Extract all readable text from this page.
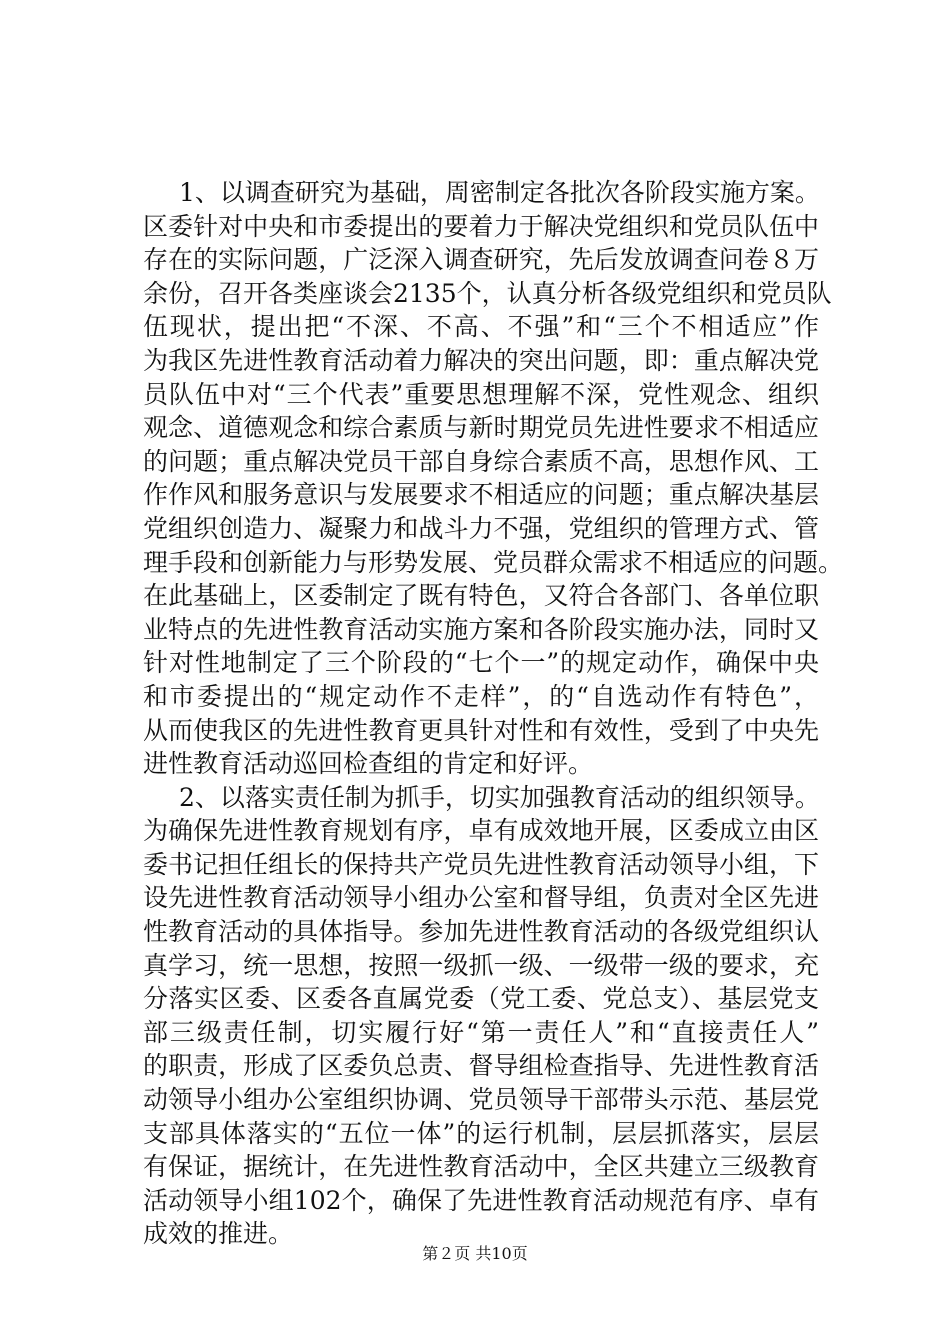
1、以调查研究为基础，周密制定各批次各阶段实施方案。
区委针对中央和市委提出的要着力于解决党组织和党员队伍中
存在的实际问题，广泛深入调查研究，先后发放调查问卷８万
余份，召开各类座谈会2135个，认真分析各级党组织和党员队
伍现状，提出把“不深、不高、不强”和“三个不相适应”作
为我区先进性教育活动着力解决的突出问题，即：重点解决党
员队伍中对“三个代表”重要思想理解不深，党性观念、组织
观念、道德观念和综合素质与新时期党员先进性要求不相适应
的问题；重点解决党员干部自身综合素质不高，思想作风、工
作作风和服务意识与发展要求不相适应的问题；重点解决基层
党组织创造力、凝聚力和战斗力不强，党组织的管理方式、管
理手段和创新能力与形势发展、党员群众需求不相适应的问题。
在此基础上，区委制定了既有特色，又符合各部门、各单位职
业特点的先进性教育活动实施方案和各阶段实施办法，同时又
针对性地制定了三个阶段的“七个一”的规定动作，确保中央
和市委提出的“规定动作不走样”，的“自选动作有特色”，
从而使我区的先进性教育更具针对性和有效性，受到了中央先
进性教育活动巡回检查组的肯定和好评。
2、以落实责任制为抓手，切实加强教育活动的组织领导。
为确保先进性教育规划有序，卓有成效地开展，区委成立由区
委书记担任组长的保持共产党员先进性教育活动领导小组，下
设先进性教育活动领导小组办公室和督导组，负责对全区先进
性教育活动的具体指导。参加先进性教育活动的各级党组织认
真学习，统一思想，按照一级抓一级、一级带一级的要求，充
分落实区委、区委各直属党委（党工委、党总支）、基层党支
部三级责任制，切实履行好“第一责任人”和“直接责任人”
的职责，形成了区委负总责、督导组检查指导、先进性教育活
动领导小组办公室组织协调、党员领导干部带头示范、基层党
支部具体落实的“五位一体”的运行机制，层层抓落实，层层
有保证，据统计，在先进性教育活动中，全区共建立三级教育
活动领导小组102个，确保了先进性教育活动规范有序、卓有
成效的推进。
第２页 共10页
